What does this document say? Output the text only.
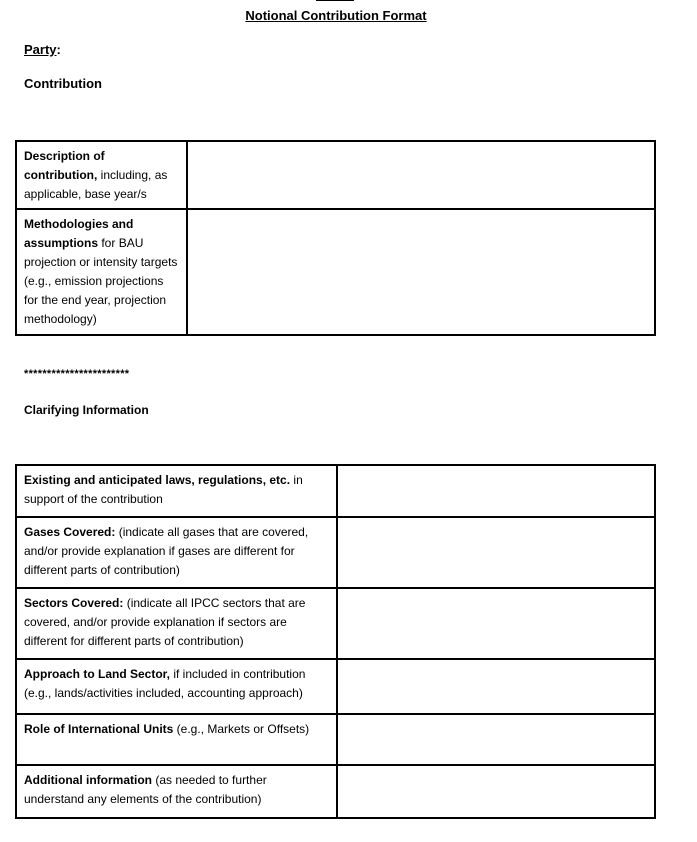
Notional Contribution Format
Party:
Contribution
Description of contribution, including, as applicable, base year/s	
Methodologies and assumptions for BAU projection or intensity targets (e.g., emission projections for the end year, projection methodology)	
***********************
Clarifying Information
Existing and anticipated laws, regulations, etc. in support of the contribution	
Gases Covered: (indicate all gases that are covered, and/or provide explanation if gases are different for different parts of contribution)	
Sectors Covered: (indicate all IPCC sectors that are covered, and/or provide explanation if sectors are different for different parts of contribution)	
Approach to Land Sector, if included in contribution (e.g., lands/activities included, accounting approach)	
Role of International Units (e.g., Markets or Offsets)	
Additional information (as needed to further understand any elements of the contribution)	
